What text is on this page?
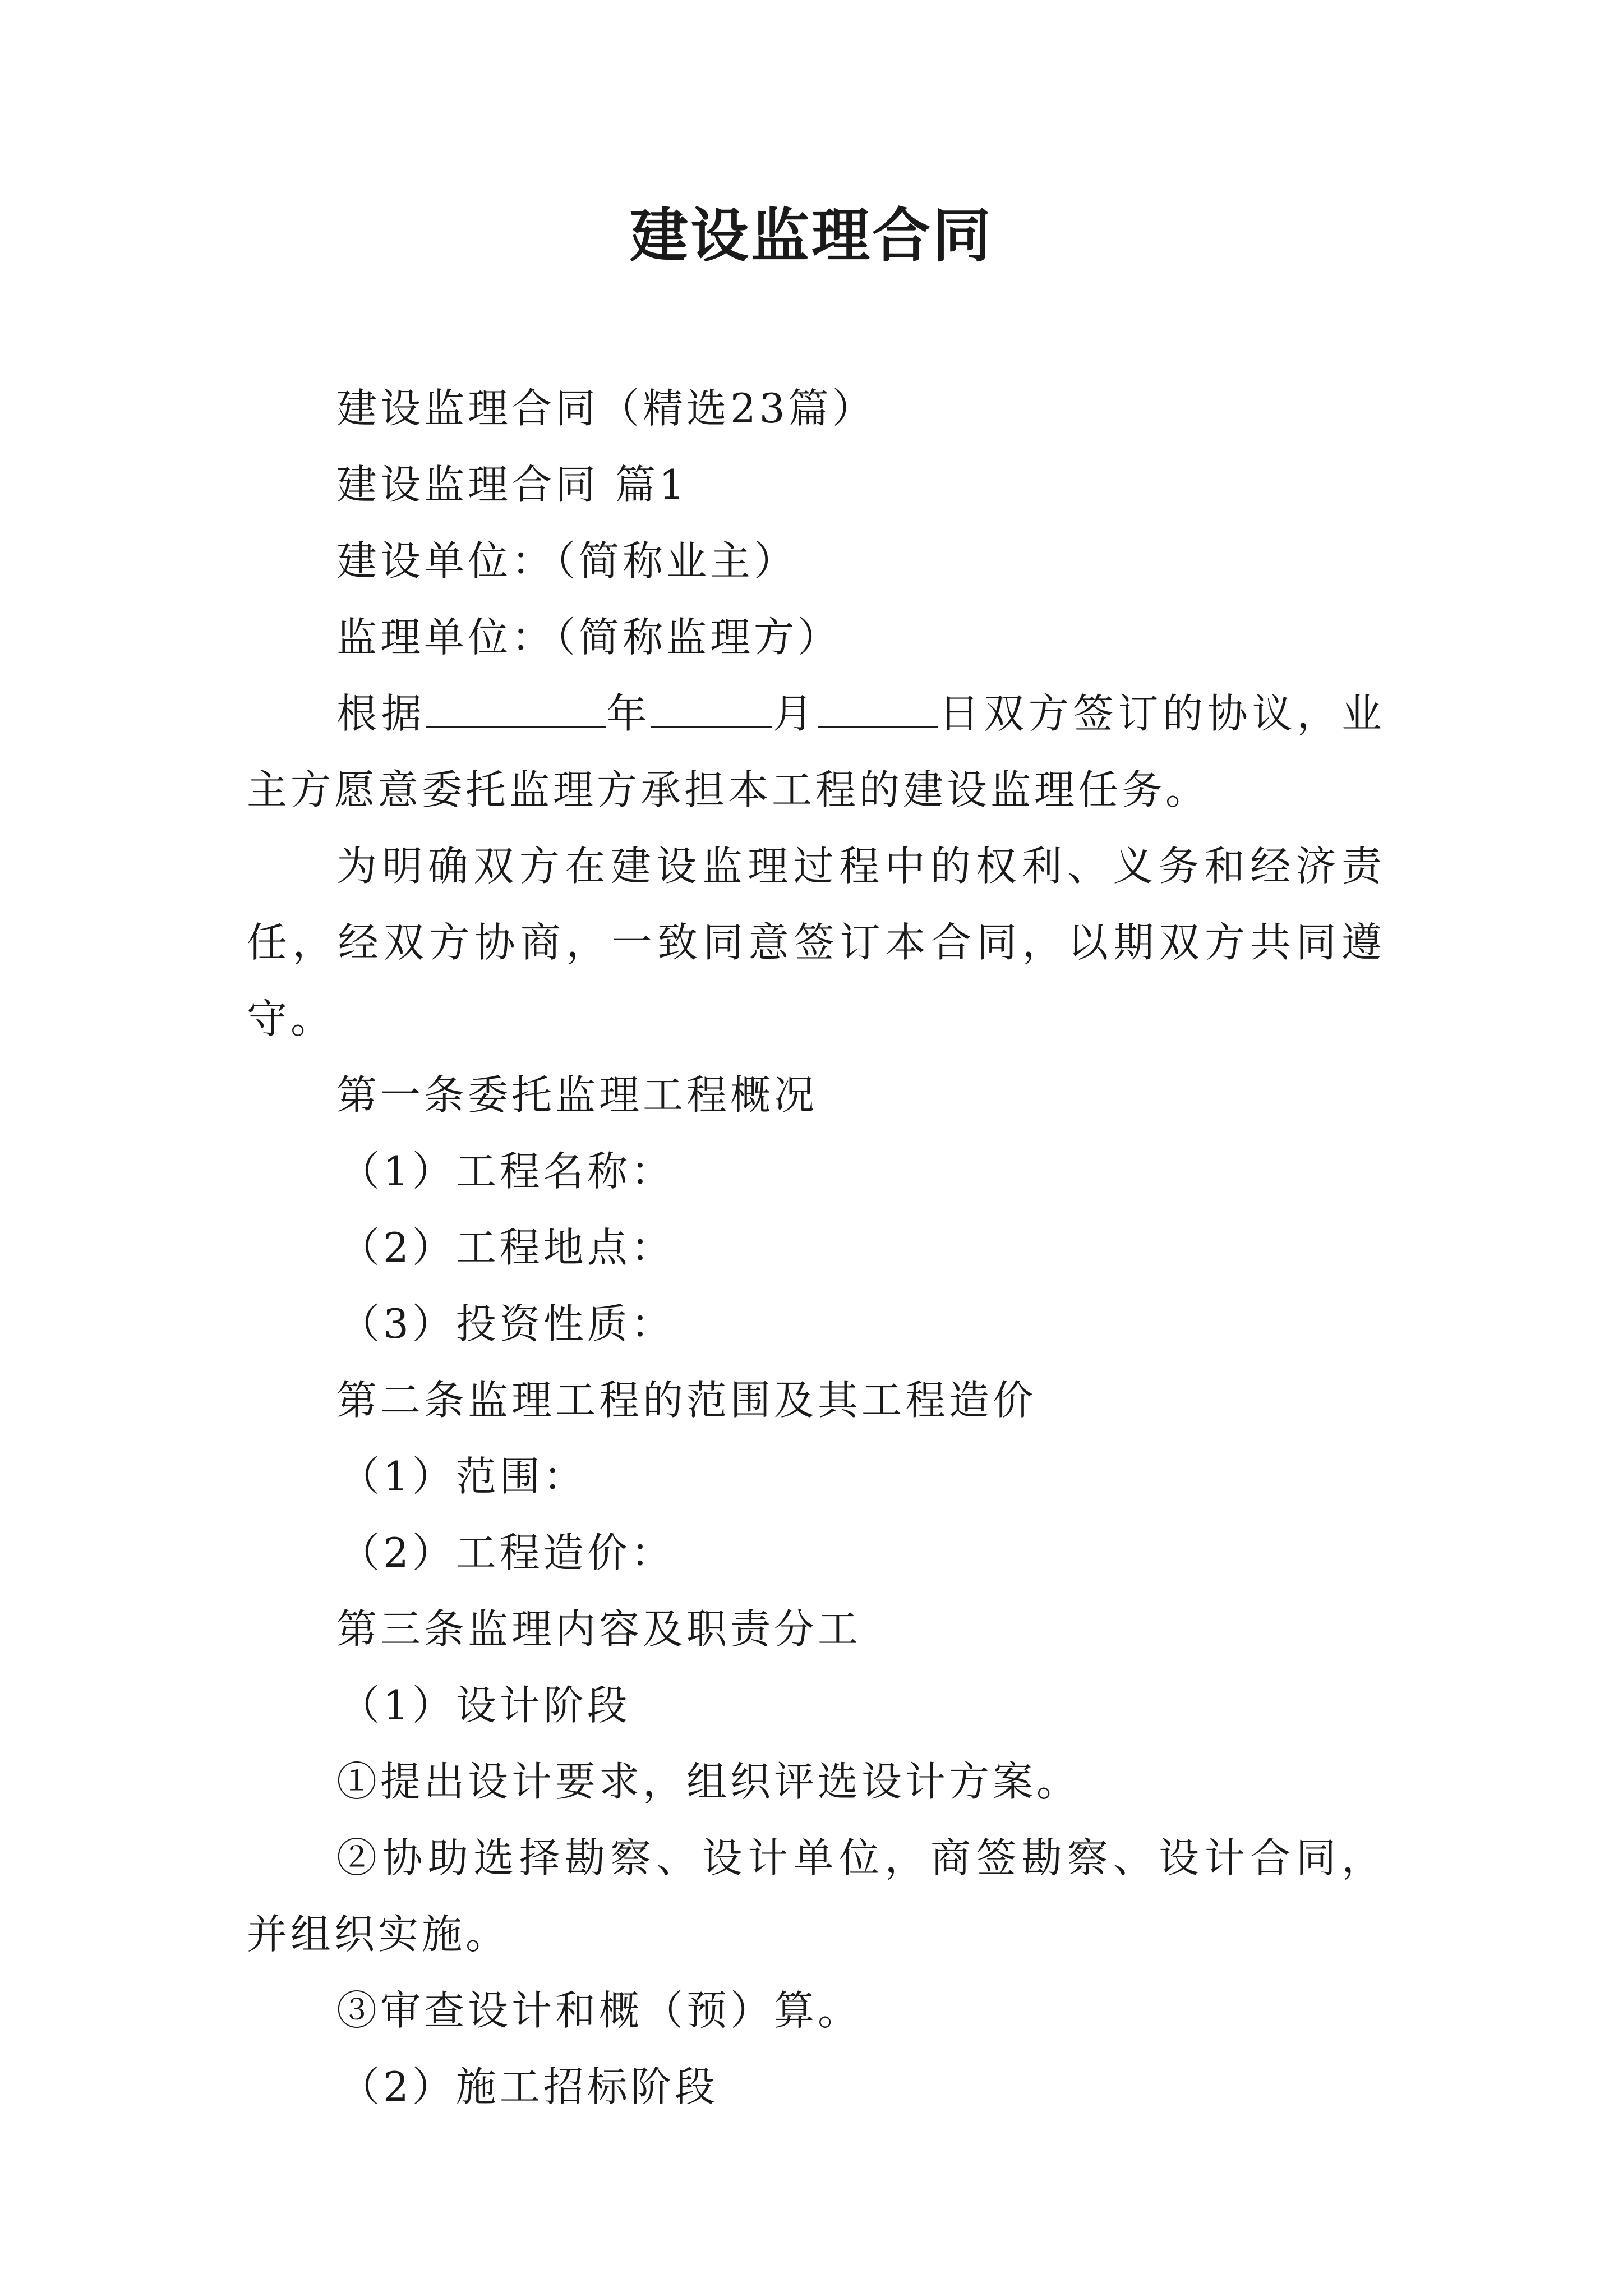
建设监理合同
建设监理合同（精选23篇）
建设监理合同 篇1
建设单位：（简称业主）
监理单位：（简称监理方）
根据	年	月	日双方签订的协议，业主方愿意委托监理方承担本工程的建设监理任务。
为明确双方在建设监理过程中的权利、义务和经济责任，经双方协商，一致同意签订本合同，以期双方共同遵守。
第一条委托监理工程概况
（1）工程名称：
（2）工程地点：
（3）投资性质：
第二条监理工程的范围及其工程造价
（1）范围：
（2）工程造价：
第三条监理内容及职责分工
（1）设计阶段
①提出设计要求，组织评选设计方案。
②协助选择勘察、设计单位，商签勘察、设计合同，并组织实施。
③审查设计和概（预）算。
（2）施工招标阶段
